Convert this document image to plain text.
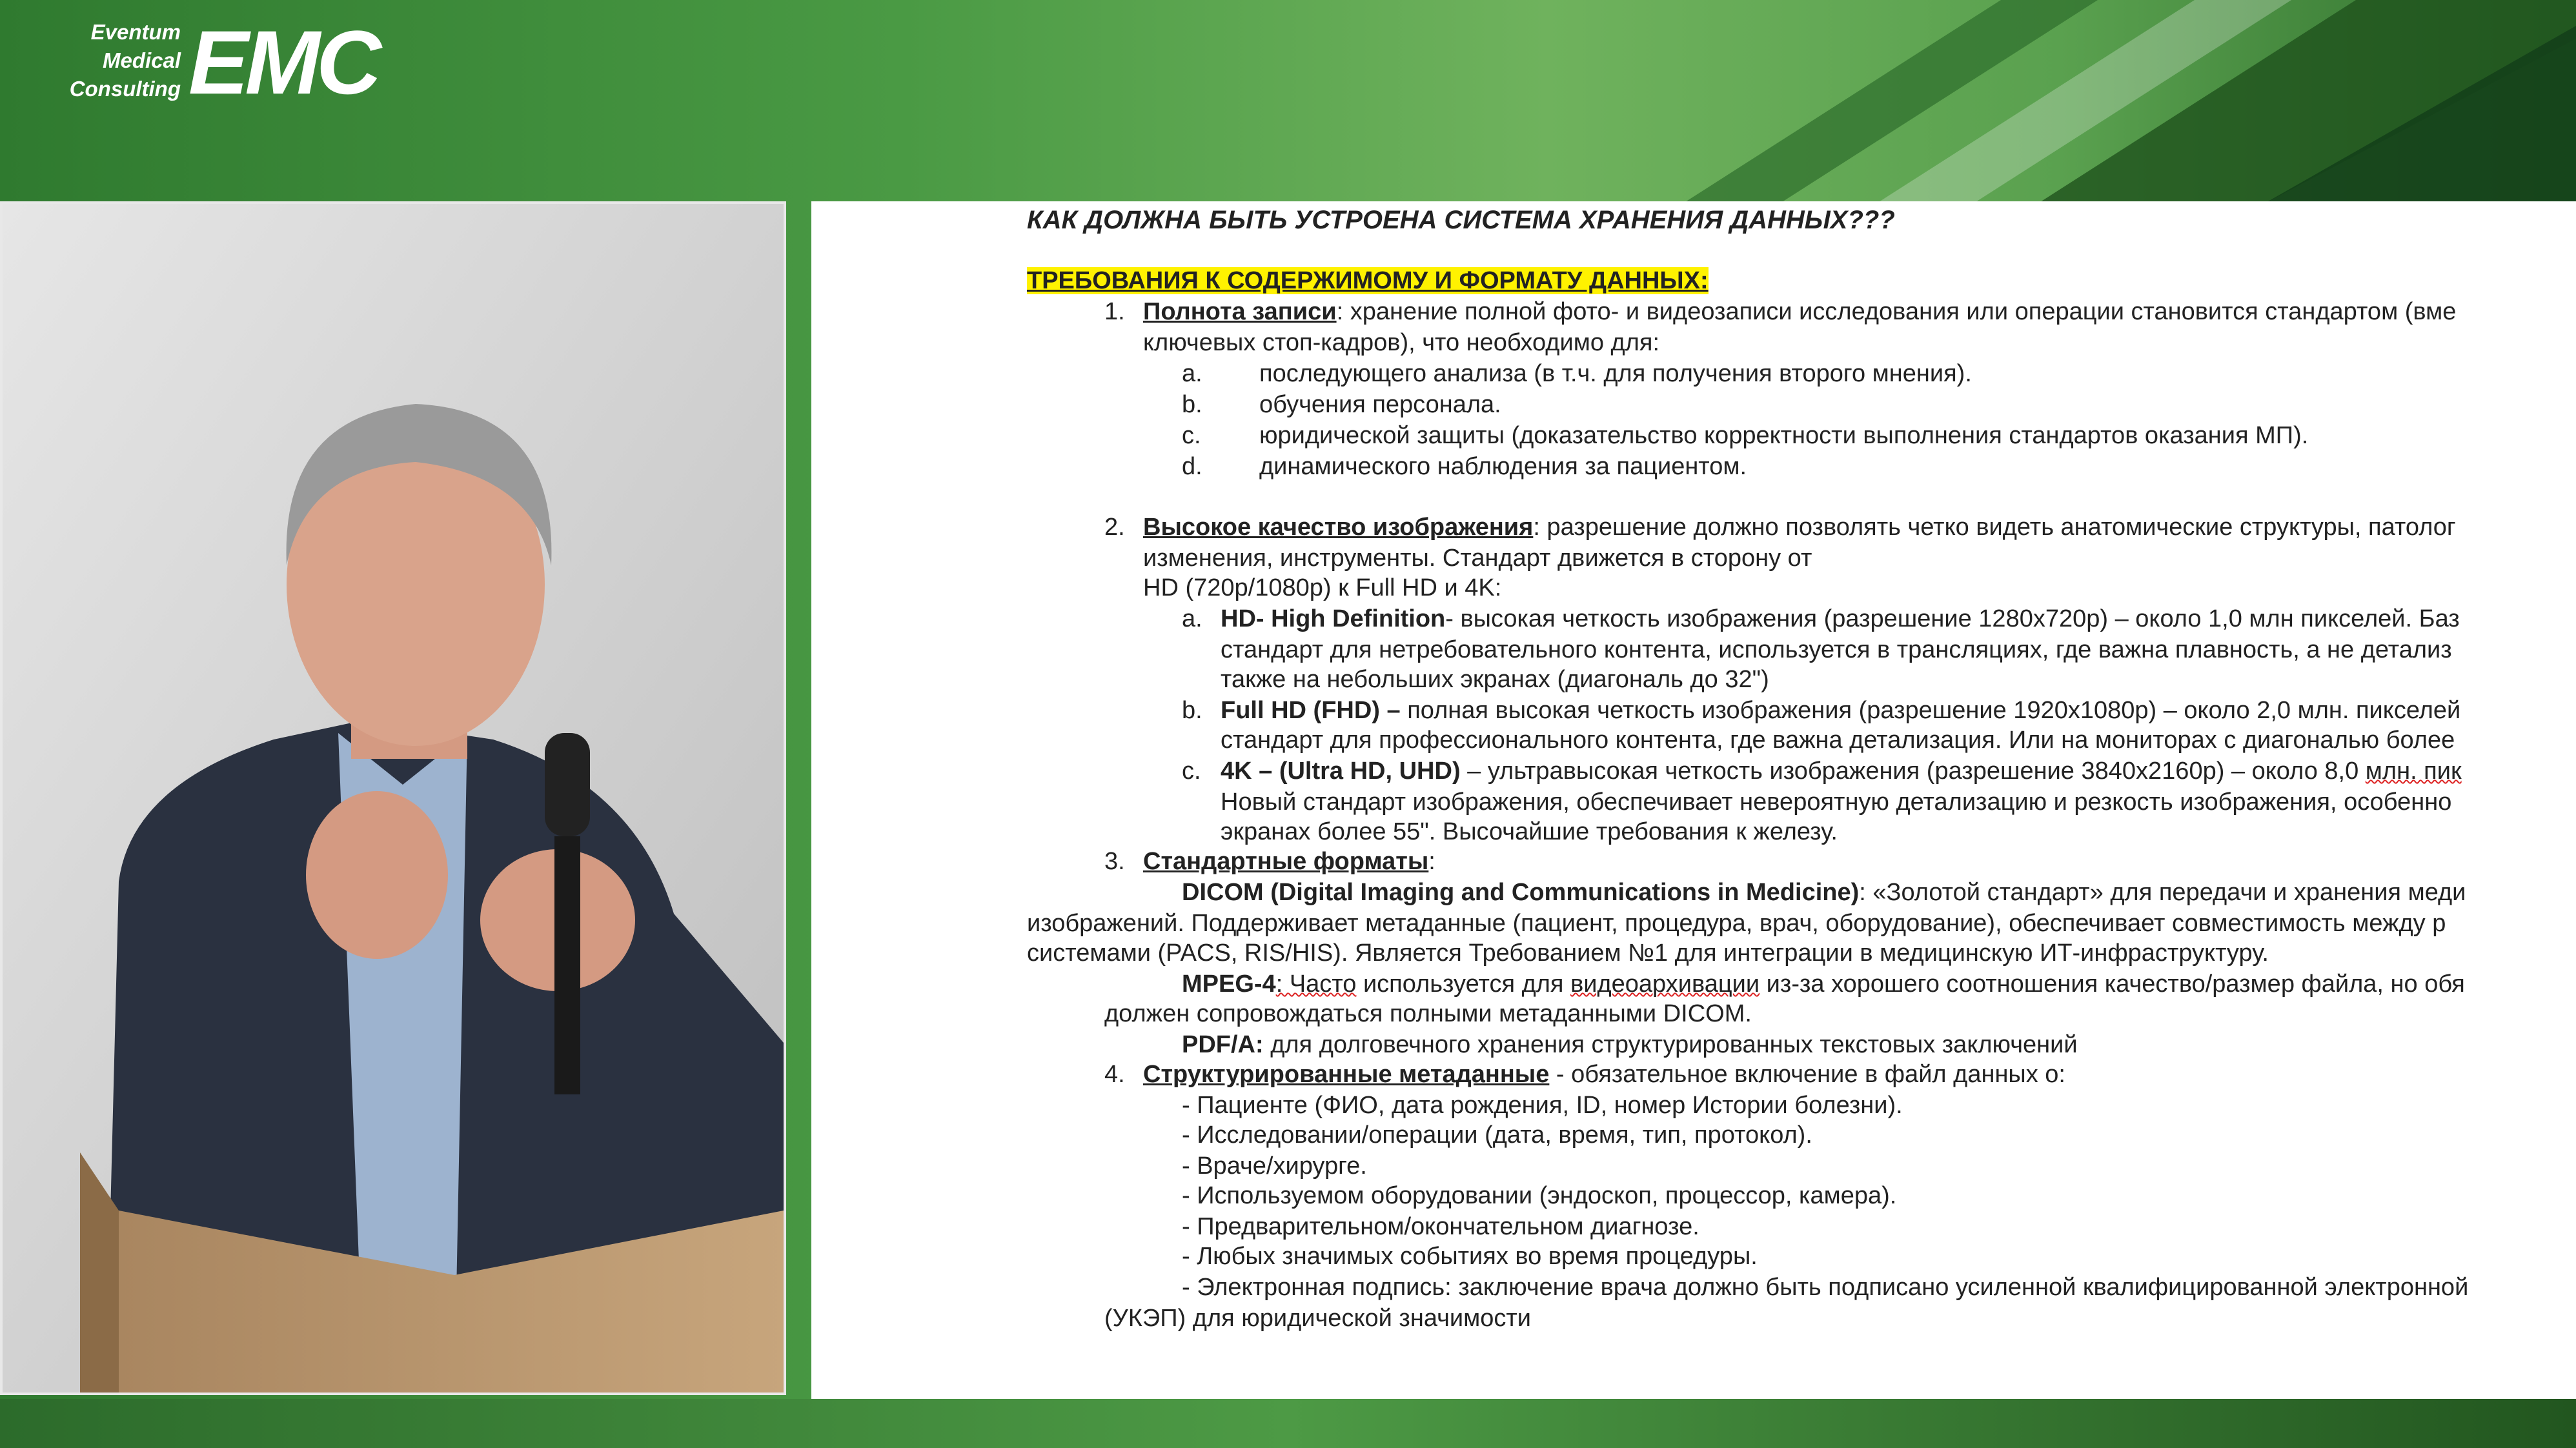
Eventum
Medical
Consulting EMC
КАК ДОЛЖНА БЫТЬ УСТРОЕНА СИСТЕМА ХРАНЕНИЯ ДАННЫХ???
ТРЕБОВАНИЯ К СОДЕРЖИМОМУ И ФОРМАТУ ДАННЫХ:
1. Полнота записи: хранение полной фото- и видеозаписи исследования или операции становится стандартом (вме
ключевых стоп-кадров), что необходимо для:
a. последующего анализа (в т.ч. для получения второго мнения).
b. обучения персонала.
c. юридической защиты (доказательство корректности выполнения стандартов оказания МП).
d. динамического наблюдения за пациентом.
2. Высокое качество изображения: разрешение должно позволять четко видеть анатомические структуры, патолог
изменения, инструменты. Стандарт движется в сторону от
HD (720p/1080p) к Full HD и 4K:
a. HD- High Definition- высокая четкость изображения (разрешение 1280x720p) – около 1,0 млн пикселей. Баз
стандарт для нетребовательного контента, используется в трансляциях, где важна плавность, а не детализ
также на небольших экранах (диагональ до 32")
b. Full HD (FHD) – полная высокая четкость изображения (разрешение 1920x1080p) – около 2,0 млн. пикселей
стандарт для профессионального контента, где важна детализация. Или на мониторах с диагональю более
c. 4K – (Ultra HD, UHD) – ультравысокая четкость изображения (разрешение 3840x2160p) – около 8,0 млн. пик
Новый стандарт изображения, обеспечивает невероятную детализацию и резкость изображения, особенно
экранах более 55". Высочайшие требования к железу.
3. Стандартные форматы:
DICOM (Digital Imaging and Communications in Medicine): «Золотой стандарт» для передачи и хранения меди
изображений. Поддерживает метаданные (пациент, процедура, врач, оборудование), обеспечивает совместимость между р
системами (PACS, RIS/HIS). Является Требованием №1 для интеграции в медицинскую ИТ-инфраструктуру.
MPEG-4: Часто используется для видеоархивации из-за хорошего соотношения качество/размер файла, но обя
должен сопровождаться полными метаданными DICOM.
PDF/A: для долговечного хранения структурированных текстовых заключений
4. Структурированные метаданные - обязательное включение в файл данных о:
- Пациенте (ФИО, дата рождения, ID, номер Истории болезни).
- Исследовании/операции (дата, время, тип, протокол).
- Враче/хирурге.
- Используемом оборудовании (эндоскоп, процессор, камера).
- Предварительном/окончательном диагнозе.
- Любых значимых событиях во время процедуры.
- Электронная подпись: заключение врача должно быть подписано усиленной квалифицированной электронной
(УКЭП) для юридической значимости
